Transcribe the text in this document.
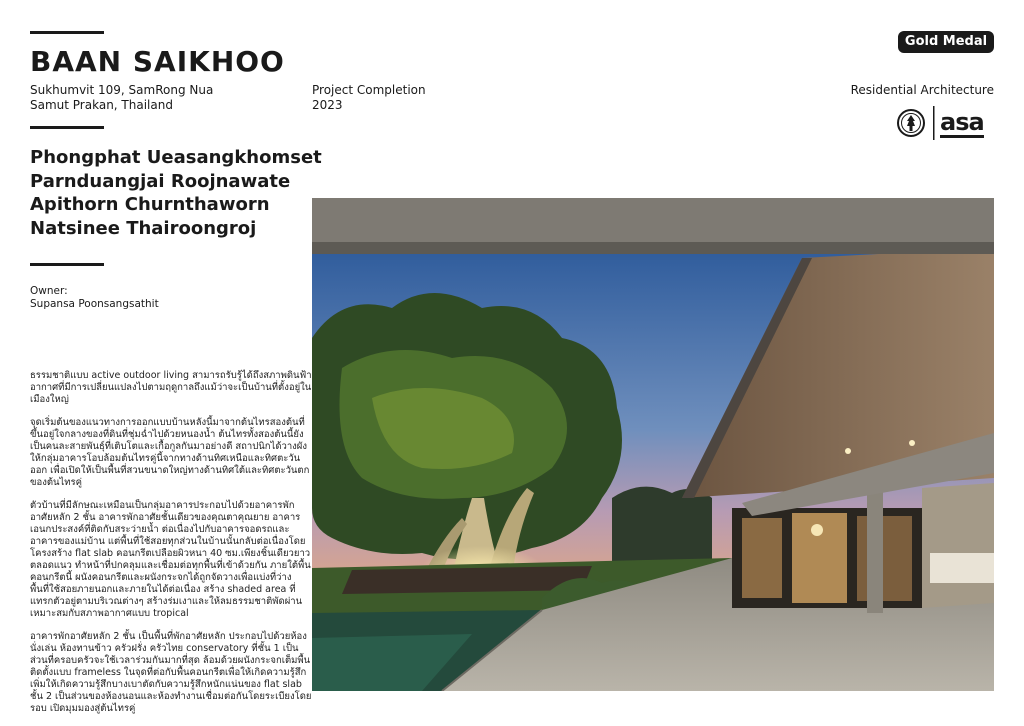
BAAN SAIKHOO
Sukhumvit 109, SamRong Nua
Samut Prakan, Thailand
Project Completion
2023
Gold Medal
Residential Architecture
asa
Phongphat Ueasangkhomset
Parnduangjai Roojnawate
Apithorn Churnthaworn
Natsinee Thairoongroj
Owner:
Supansa Poonsangsathit

ธรรมชาติแบบ active outdoor living สามารถรับรู้ได้ถึงสภาพดินฟ้าอากาศที่มีการเปลี่ยนแปลงไปตามฤดูกาลถึงแม้ว่าจะเป็นบ้านที่ตั้งอยู่ในเมืองใหญ่

จุดเริ่มต้นของแนวทางการออกแบบบ้านหลังนี้มาจากต้นไทรสองต้นที่ขึ้นอยู่ใจกลางของที่ดินที่ชุ่มฉ่ำไปด้วยหนองน้ำ ต้นไทรทั้งสองต้นนี้ยังเป็นคนละสายพันธุ์ที่เติบโตและเกื้อกูลกันมาอย่างดี สถาปนิกได้วางผังให้กลุ่มอาคารโอบล้อมต้นไทรคู่นี้จากทางด้านทิศเหนือและทิศตะวันออก เพื่อเปิดให้เป็นพื้นที่สวนขนาดใหญ่ทางด้านทิศใต้และทิศตะวันตกของต้นไทรคู่

ตัวบ้านที่มีลักษณะเหมือนเป็นกลุ่มอาคารประกอบไปด้วยอาคารพักอาศัยหลัก 2 ชั้น อาคารพักอาศัยชั้นเดียวของคุณตาคุณยาย อาคารเอนกประสงค์ที่ติดกับสระว่ายน้ำ ต่อเนื่องไปกับอาคารจอดรถและอาคารของแม่บ้าน แต่พื้นที่ใช้สอยทุกส่วนในบ้านนั้นกลับต่อเนื่องโดยโครงสร้าง flat slab คอนกรีตเปลือยผิวหนา 40 ซม.เพียงชิ้นเดียวยาวตลอดแนว ทำหน้าที่ปกคลุมและเชื่อมต่อทุกพื้นที่เข้าด้วยกัน ภายใต้พื้นคอนกรีตนี้ ผนังคอนกรีตและผนังกระจกได้ถูกจัดวางเพื่อแบ่งที่ว่าง พื้นที่ใช้สอยภายนอกและภายในได้ต่อเนื่อง สร้าง shaded area ที่แทรกตัวอยู่ตามบริเวณต่างๆ สร้างร่มเงาและให้ลมธรรมชาติพัดผ่าน เหมาะสมกับสภาพอากาศแบบ tropical

อาคารพักอาศัยหลัก 2 ชั้น เป็นพื้นที่พักอาศัยหลัก ประกอบไปด้วยห้องนั่งเล่น ห้องทานข้าว ครัวฝรั่ง ครัวไทย conservatory ที่ชั้น 1 เป็นส่วนที่ครอบครัวจะใช้เวลาร่วมกันมากที่สุด ล้อมด้วยผนังกระจกเต็มพื้นติดตั้งแบบ frameless ในจุดที่ต่อกับพื้นคอนกรีตเพื่อให้เกิดความรู้สึกเพิ่มให้เกิดความรู้สึกบางเบาตัดกับความรู้สึกหนักแน่นของ flat slab ชั้น 2 เป็นส่วนของห้องนอนและห้องทำงานเชื่อมต่อกันโดยระเบียงโดยรอบ เปิดมุมมองสู่ต้นไทรคู่
